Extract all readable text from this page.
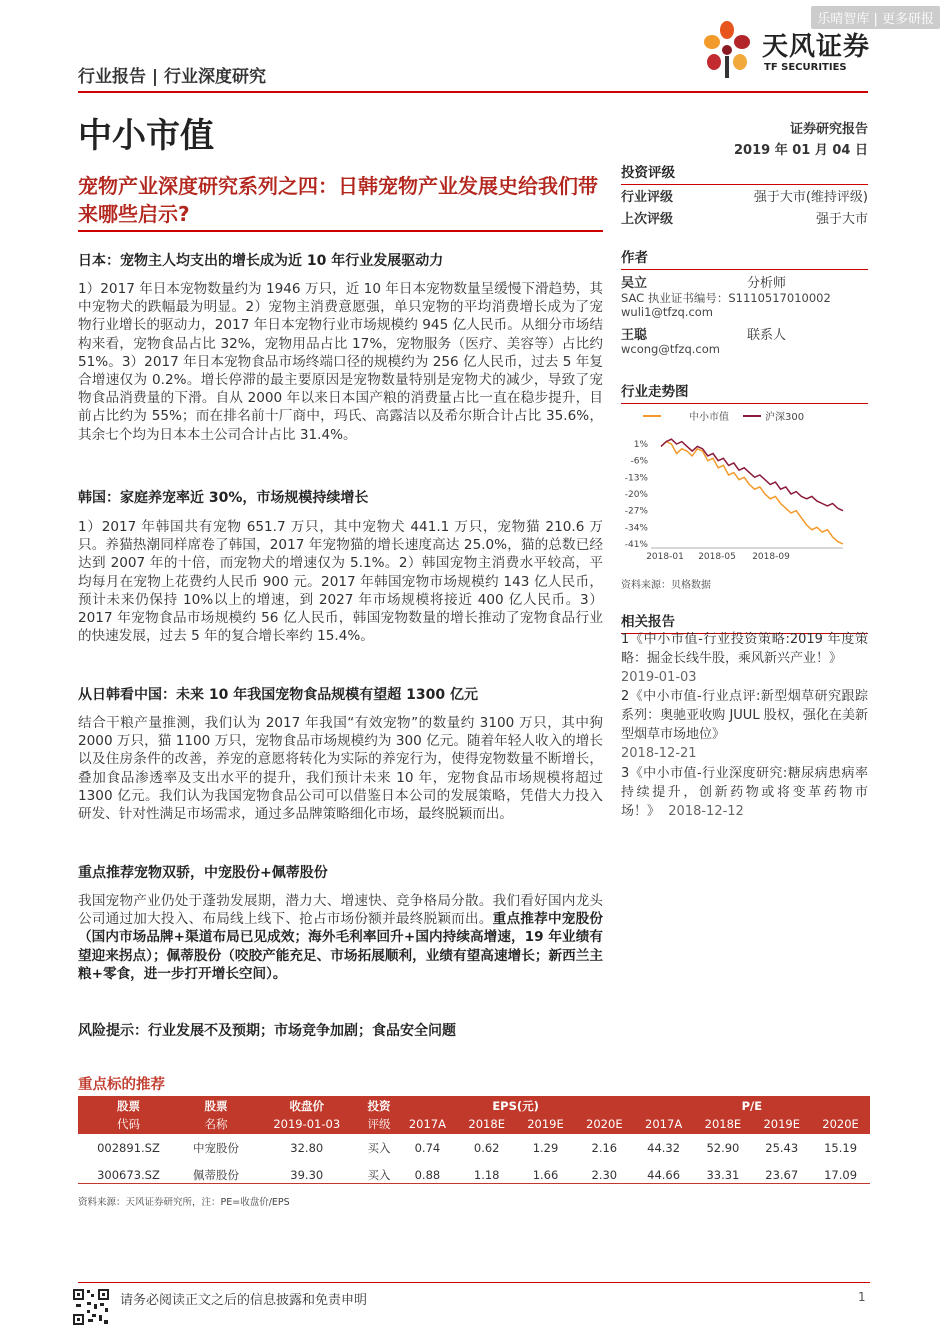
乐晴智库 | 更多研报
行业报告 | 行业深度研究
天风证券
TF SECURITIES
中小市值
宠物产业深度研究系列之四：日韩宠物产业发展史给我们带来哪些启示?
日本：宠物主人均支出的增长成为近 10 年行业发展驱动力
1）2017 年日本宠物数量约为 1946 万只，近 10 年日本宠物数量呈缓慢下滑趋势，其中宠物犬的跌幅最为明显。2）宠物主消费意愿强，单只宠物的平均消费增长成为了宠物行业增长的驱动力，2017 年日本宠物行业市场规模约 945 亿人民币。从细分市场结构来看，宠物食品占比 32%，宠物用品占比 17%，宠物服务（医疗、美容等）占比约 51%。3）2017 年日本宠物食品市场终端口径的规模约为 256 亿人民币，过去 5 年复合增速仅为 0.2%。增长停滞的最主要原因是宠物数量特别是宠物犬的减少，导致了宠物食品消费量的下滑。自从 2000 年以来日本国产粮的消费量占比一直在稳步提升，目前占比约为 55%；而在排名前十厂商中，玛氏、高露洁以及希尔斯合计占比 35.6%，其余七个均为日本本土公司合计占比 31.4%。
韩国：家庭养宠率近 30%，市场规模持续增长
1）2017 年韩国共有宠物 651.7 万只，其中宠物犬 441.1 万只，宠物猫 210.6 万只。养猫热潮同样席卷了韩国，2017 年宠物猫的增长速度高达 25.0%，猫的总数已经达到 2007 年的十倍，而宠物犬的增速仅为 5.1%。2）韩国宠物主消费水平较高，平均每月在宠物上花费约人民币 900 元。2017 年韩国宠物市场规模约 143 亿人民币，预计未来仍保持 10%以上的增速，到 2027 年市场规模将接近 400 亿人民币。3）2017 年宠物食品市场规模约 56 亿人民币，韩国宠物数量的增长推动了宠物食品行业的快速发展，过去 5 年的复合增长率约 15.4%。
从日韩看中国：未来 10 年我国宠物食品规模有望超 1300 亿元
结合干粮产量推测，我们认为 2017 年我国“有效宠物”的数量约 3100 万只，其中狗 2000 万只，猫 1100 万只，宠物食品市场规模约为 300 亿元。随着年轻人收入的增长以及住房条件的改善，养宠的意愿将转化为实际的养宠行为，使得宠物数量不断增长，叠加食品渗透率及支出水平的提升，我们预计未来 10 年，宠物食品市场规模将超过 1300 亿元。我们认为我国宠物食品公司可以借鉴日本公司的发展策略，凭借大力投入研发、针对性满足市场需求，通过多品牌策略细化市场，最终脱颖而出。
重点推荐宠物双骄，中宠股份+佩蒂股份
我国宠物产业仍处于蓬勃发展期，潜力大、增速快、竞争格局分散。我们看好国内龙头公司通过加大投入、布局线上线下、抢占市场份额并最终脱颖而出。重点推荐中宠股份（国内市场品牌+渠道布局已见成效；海外毛利率回升+国内持续高增速，19 年业绩有望迎来拐点）；佩蒂股份（咬胶产能充足、市场拓展顺利，业绩有望高速增长；新西兰主粮+零食，进一步打开增长空间）。
风险提示：行业发展不及预期；市场竞争加剧；食品安全问题
证券研究报告
2019 年 01 月 04 日
投资评级
行业评级	强于大市(维持评级)
上次评级	强于大市
作者
吴立	分析师
SAC 执业证书编号：S1110517010002
wuli1@tfzq.com
王聪	联系人
wcong@tfzq.com
行业走势图
中小市值	沪深300
1%
-6%
-13%
-20%
-27%
-34%
-41%
2018-01 2018-05 2018-09
资料来源：贝格数据
相关报告
1《中小市值-行业投资策略:2019 年度策略：掘金长线牛股，乘风新兴产业！》
2019-01-03
2《中小市值-行业点评:新型烟草研究跟踪系列：奥驰亚收购 JUUL 股权，强化在美新型烟草市场地位》
2018-12-21
3《中小市值-行业深度研究:糖尿病患病率持续提升，创新药物或将变革药物市场！》 2018-12-12
重点标的推荐
股票	股票	收盘价	投资	EPS(元)				P/E			
代码	名称	2019-01-03	评级	2017A	2018E	2019E	2020E	2017A	2018E	2019E	2020E
002891.SZ	中宠股份	32.80	买入	0.74	0.62	1.29	2.16	44.32	52.90	25.43	15.19
300673.SZ	佩蒂股份	39.30	买入	0.88	1.18	1.66	2.30	44.66	33.31	23.67	17.09
资料来源：天风证券研究所，注：PE=收盘价/EPS
请务必阅读正文之后的信息披露和免责申明	1
